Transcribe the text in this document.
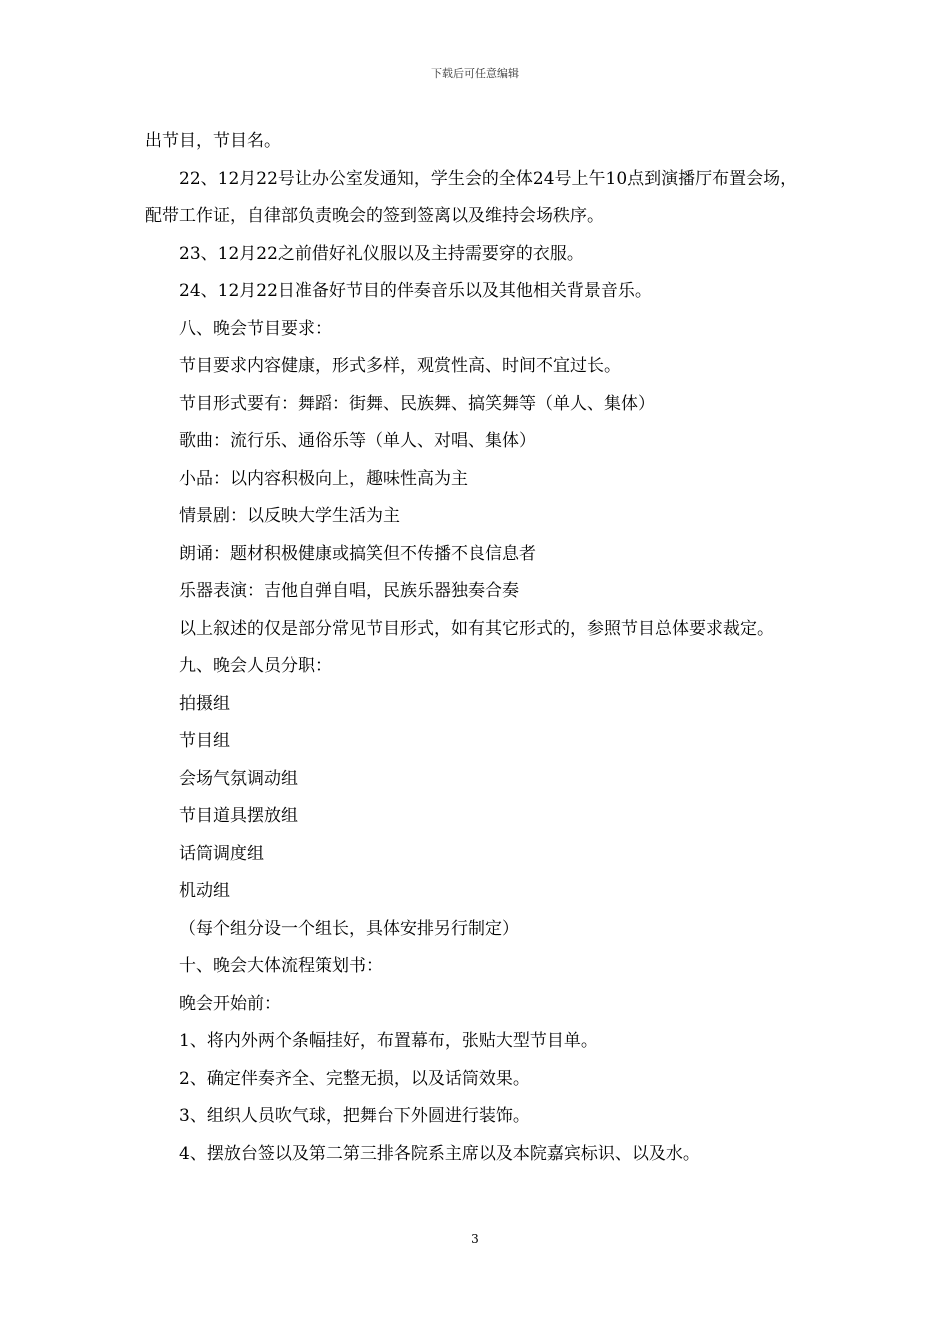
下载后可任意编辑

出节目，节目名。

22、12月22号让办公室发通知，学生会的全体24号上午10点到演播厅布置会场，配带工作证，自律部负责晚会的签到签离以及维持会场秩序。

23、12月22之前借好礼仪服以及主持需要穿的衣服。

24、12月22日准备好节目的伴奏音乐以及其他相关背景音乐。

八、晚会节目要求：

节目要求内容健康，形式多样，观赏性高、时间不宜过长。

节目形式要有：舞蹈：街舞、民族舞、搞笑舞等（单人、集体）

歌曲：流行乐、通俗乐等（单人、对唱、集体）

小品：以内容积极向上，趣味性高为主

情景剧：以反映大学生活为主

朗诵：题材积极健康或搞笑但不传播不良信息者

乐器表演：吉他自弹自唱，民族乐器独奏合奏

以上叙述的仅是部分常见节目形式，如有其它形式的，参照节目总体要求裁定。

九、晚会人员分职：

拍摄组

节目组

会场气氛调动组

节目道具摆放组

话筒调度组

机动组

（每个组分设一个组长，具体安排另行制定）

十、晚会大体流程策划书：

晚会开始前：

1、将内外两个条幅挂好，布置幕布，张贴大型节目单。

2、确定伴奏齐全、完整无损，以及话筒效果。

3、组织人员吹气球，把舞台下外圆进行装饰。

4、摆放台签以及第二第三排各院系主席以及本院嘉宾标识、以及水。

3
